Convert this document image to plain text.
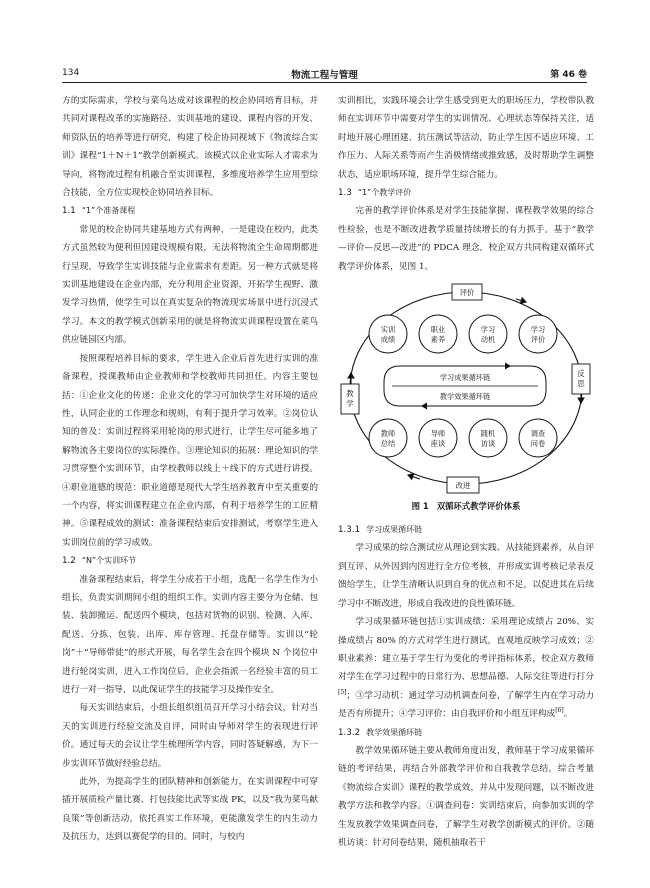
134	物流工程与管理	第 46 卷

方的实际需求，学校与菜鸟达成对该课程的校企协同培育目标，并共同对课程改革的实施路径、实训基地的建设、课程内容的开发、师资队伍的培养等进行研究，构建了校企协同视域下《物流综合实训》课程“1＋N＋1”教学创新模式。该模式以企业实际人才需求为导向，将物流过程有机融合至实训课程，多维度培养学生应用型综合技能，全方位实现校企协同培养目标。

1.1 “1”个准备课程

常见的校企协同共建基地方式有两种，一是建设在校内，此类方式虽然较为便利但因建设规模有限，无法将物流全生命周期都进行呈现，导致学生实训技能与企业需求有差距。另一种方式就是将实训基地建设在企业内部，充分利用企业资源，开拓学生视野、激发学习热情，使学生可以在真实复杂的物流现实场景中进行沉浸式学习。本文的教学模式创新采用的就是将物流实训课程设置在菜鸟供应链园区内部。

按照课程培养目标的要求，学生进入企业后首先进行实训的准备课程，授课教师由企业教师和学校教师共同担任。内容主要包括：①企业文化的传递：企业文化的学习可加快学生对环境的适应性，认同企业的工作理念和规则，有利于提升学习效率。②岗位认知的普及：实训过程将采用轮岗的形式进行，让学生尽可能多地了解物流各主要岗位的实际操作。③理论知识的拓展：理论知识的学习贯穿整个实训环节，由学校教师以线上＋线下的方式进行讲授。④职业道德的规范：职业道德是现代大学生培养教育中至关重要的一个内容，将实训课程建立在企业内部，有利于培养学生的工匠精神。⑤课程成效的测试：准备课程结束后安排测试，考察学生进入实训岗位前的学习成效。

1.2 “N”个实训环节

准备课程结束后，将学生分成若干小组，选配一名学生作为小组长，负责实训期间小组的组织工作。实训内容主要分为仓储、包装、装卸搬运、配送四个模块，包括对货物的识别、检测、入库、配送、分拣、包装、出库、库存管理、托盘存储等。实训以“轮岗”＋“导师带徒”的形式开展，每名学生会在四个模块 N 个岗位中进行轮岗实训，进入工作岗位后，企业会指派一名经验丰富的员工进行一对一指导，以此保证学生的技能学习及操作安全。

每天实训结束后，小组长组织组员召开学习小结会议，针对当天的实训进行经验交流及自评，同时由导师对学生的表现进行评价。通过每天的会议让学生梳理所学内容，同时答疑解惑，为下一步实训环节做好经验总结。

此外，为提高学生的团队精神和创新能力，在实训课程中可穿插开展质检产量比赛、打包技能比武等实战 PK，以及“我为菜鸟献良策”等创新活动，依托真实工作环境，更能激发学生的内生动力及抗压力，达到以赛促学的目的。同时，与校内

实训相比，实践环境会让学生感受到更大的职场压力，学校带队教师在实训环节中需要对学生的实训情况、心理状态等保持关注，适时地开展心理团建、抗压测试等活动，防止学生因不适应环境、工作压力、人际关系等而产生消极情绪或推致感，及时帮助学生调整状态，适应职场环境，提升学生综合能力。

1.3 “1”个教学评价

完善的教学评价体系是对学生技能掌握、课程教学效果的综合性检验，也是不断改进教学质量持续增长的有力抓手。基于“教学—评价—反思—改进”的 PDCA 理念，校企双方共同构建双循环式教学评价体系，见图 1。

评价
教学
反思
改进
学习成果循环链
教学效果循环链
实训成绩
职业素养
学习动机
学习评价
教师总结
导师座谈
随机访谈
调查问卷
图 1 双循环式教学评价体系
1.3.1 学习成果循环链

学习成果的综合测试应从理论到实践、从技能到素养，从自评到互评、从外因到内因进行全方位考核，并形成实训考核记录表反馈给学生，让学生清晰认识到自身的优点和不足，以促进其在后续学习中不断改进，形成自我改进的良性循环链。

学习成果循环链包括①实训成绩：采用理论成绩占 20%、实操成绩占 80% 的方式对学生进行测试，直观地反映学习成效；②职业素养：建立基于学生行为变化的考评指标体系，校企双方教师对学生在学习过程中的日常行为、思想品德、人际交往等进行打分[5]；③学习动机：通过学习动机调查问卷，了解学生内在学习动力是否有所提升；④学习评价：由自我评价和小组互评构成[6]。

1.3.2 教学效果循环链

教学效果循环链主要从教师角度出发，教师基于学习成果循环链的考评结果，再结合外部教学评价和自我教学总结，综合考量《物流综合实训》课程的教学成效，并从中发现问题，以不断改进教学方法和教学内容。①调查问卷：实训结束后，向参加实训的学生发放教学效果调查问卷，了解学生对教学创新模式的评价。②随机访谈：针对问卷结果，随机抽取若干
